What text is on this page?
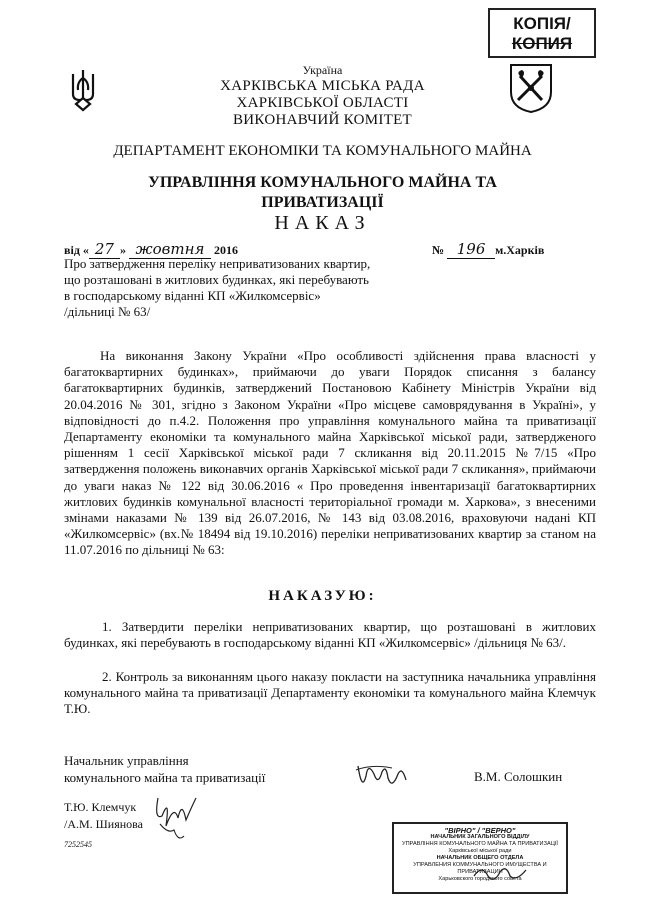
КОПІЯ/
КОПИЯ
Україна
ХАРКІВСЬКА МІСЬКА РАДА
ХАРКІВСЬКОЇ ОБЛАСТІ
ВИКОНАВЧИЙ КОМІТЕТ
ДЕПАРТАМЕНТ ЕКОНОМІКИ ТА КОМУНАЛЬНОГО МАЙНА
УПРАВЛІННЯ КОМУНАЛЬНОГО МАЙНА ТА
ПРИВАТИЗАЦІЇ
НАКАЗ
від « 27 » жовтня 2016	№ 196 м.Харків
Про затвердження переліку неприватизованих квартир,
що розташовані в житлових будинках, які перебувають
в господарському віданні КП «Жилкомсервіс»
/дільниці № 63/
На виконання Закону України «Про особливості здійснення права власності у багатоквартирних будинках», приймаючи до уваги Порядок списання з балансу багатоквартирних будинків, затверджений Постановою Кабінету Міністрів України від 20.04.2016 № 301, згідно з Законом України «Про місцеве самоврядування в Україні», у відповідності до п.4.2. Положення про управління комунального майна та приватизації Департаменту економіки та комунального майна Харківської міської ради, затвердженого рішенням 1 сесії Харківської міської ради 7 скликання від 20.11.2015 №7/15 «Про затвердження положень виконавчих органів Харківської міської ради 7 скликання», приймаючи до уваги наказ № 122 від 30.06.2016 « Про проведення інвентаризації багатоквартирних житлових будинків комунальної власності територіальної громади м. Харкова», з внесеними змінами наказами № 139 від 26.07.2016, № 143 від 03.08.2016, враховуючи надані КП «Жилкомсервіс» (вх.№ 18494 від 19.10.2016) переліки неприватизованих квартир за станом на 11.07.2016 по дільниці № 63:
НАКАЗУЮ:
1. Затвердити переліки неприватизованих квартир, що розташовані в житлових будинках, які перебувають в господарському віданні КП «Жилкомсервіс» /дільниця № 63/.
2. Контроль за виконанням цього наказу покласти на заступника начальника управління комунального майна та приватизації Департаменту економіки та комунального майна Клемчук Т.Ю.
Начальник управління
комунального майна та приватизації	В.М. Солошкин
Т.Ю. Клемчук
/А.М. Шиянова
7252545
"ВІРНО" / "ВЕРНО"
НАЧАЛЬНИК ЗАГАЛЬНОГО ВІДДІЛУ
УПРАВЛІННЯ КОМУНАЛЬНОГО МАЙНА ТА ПРИВАТИЗАЦІЇ
Харківської міської ради
НАЧАЛЬНИК ОБЩЕГО ОТДЕЛА
УПРАВЛЕНИЯ КОММУНАЛЬНОГО ИМУЩЕСТВА И ПРИВАТИЗАЦИИ
Харьковского городского совета
